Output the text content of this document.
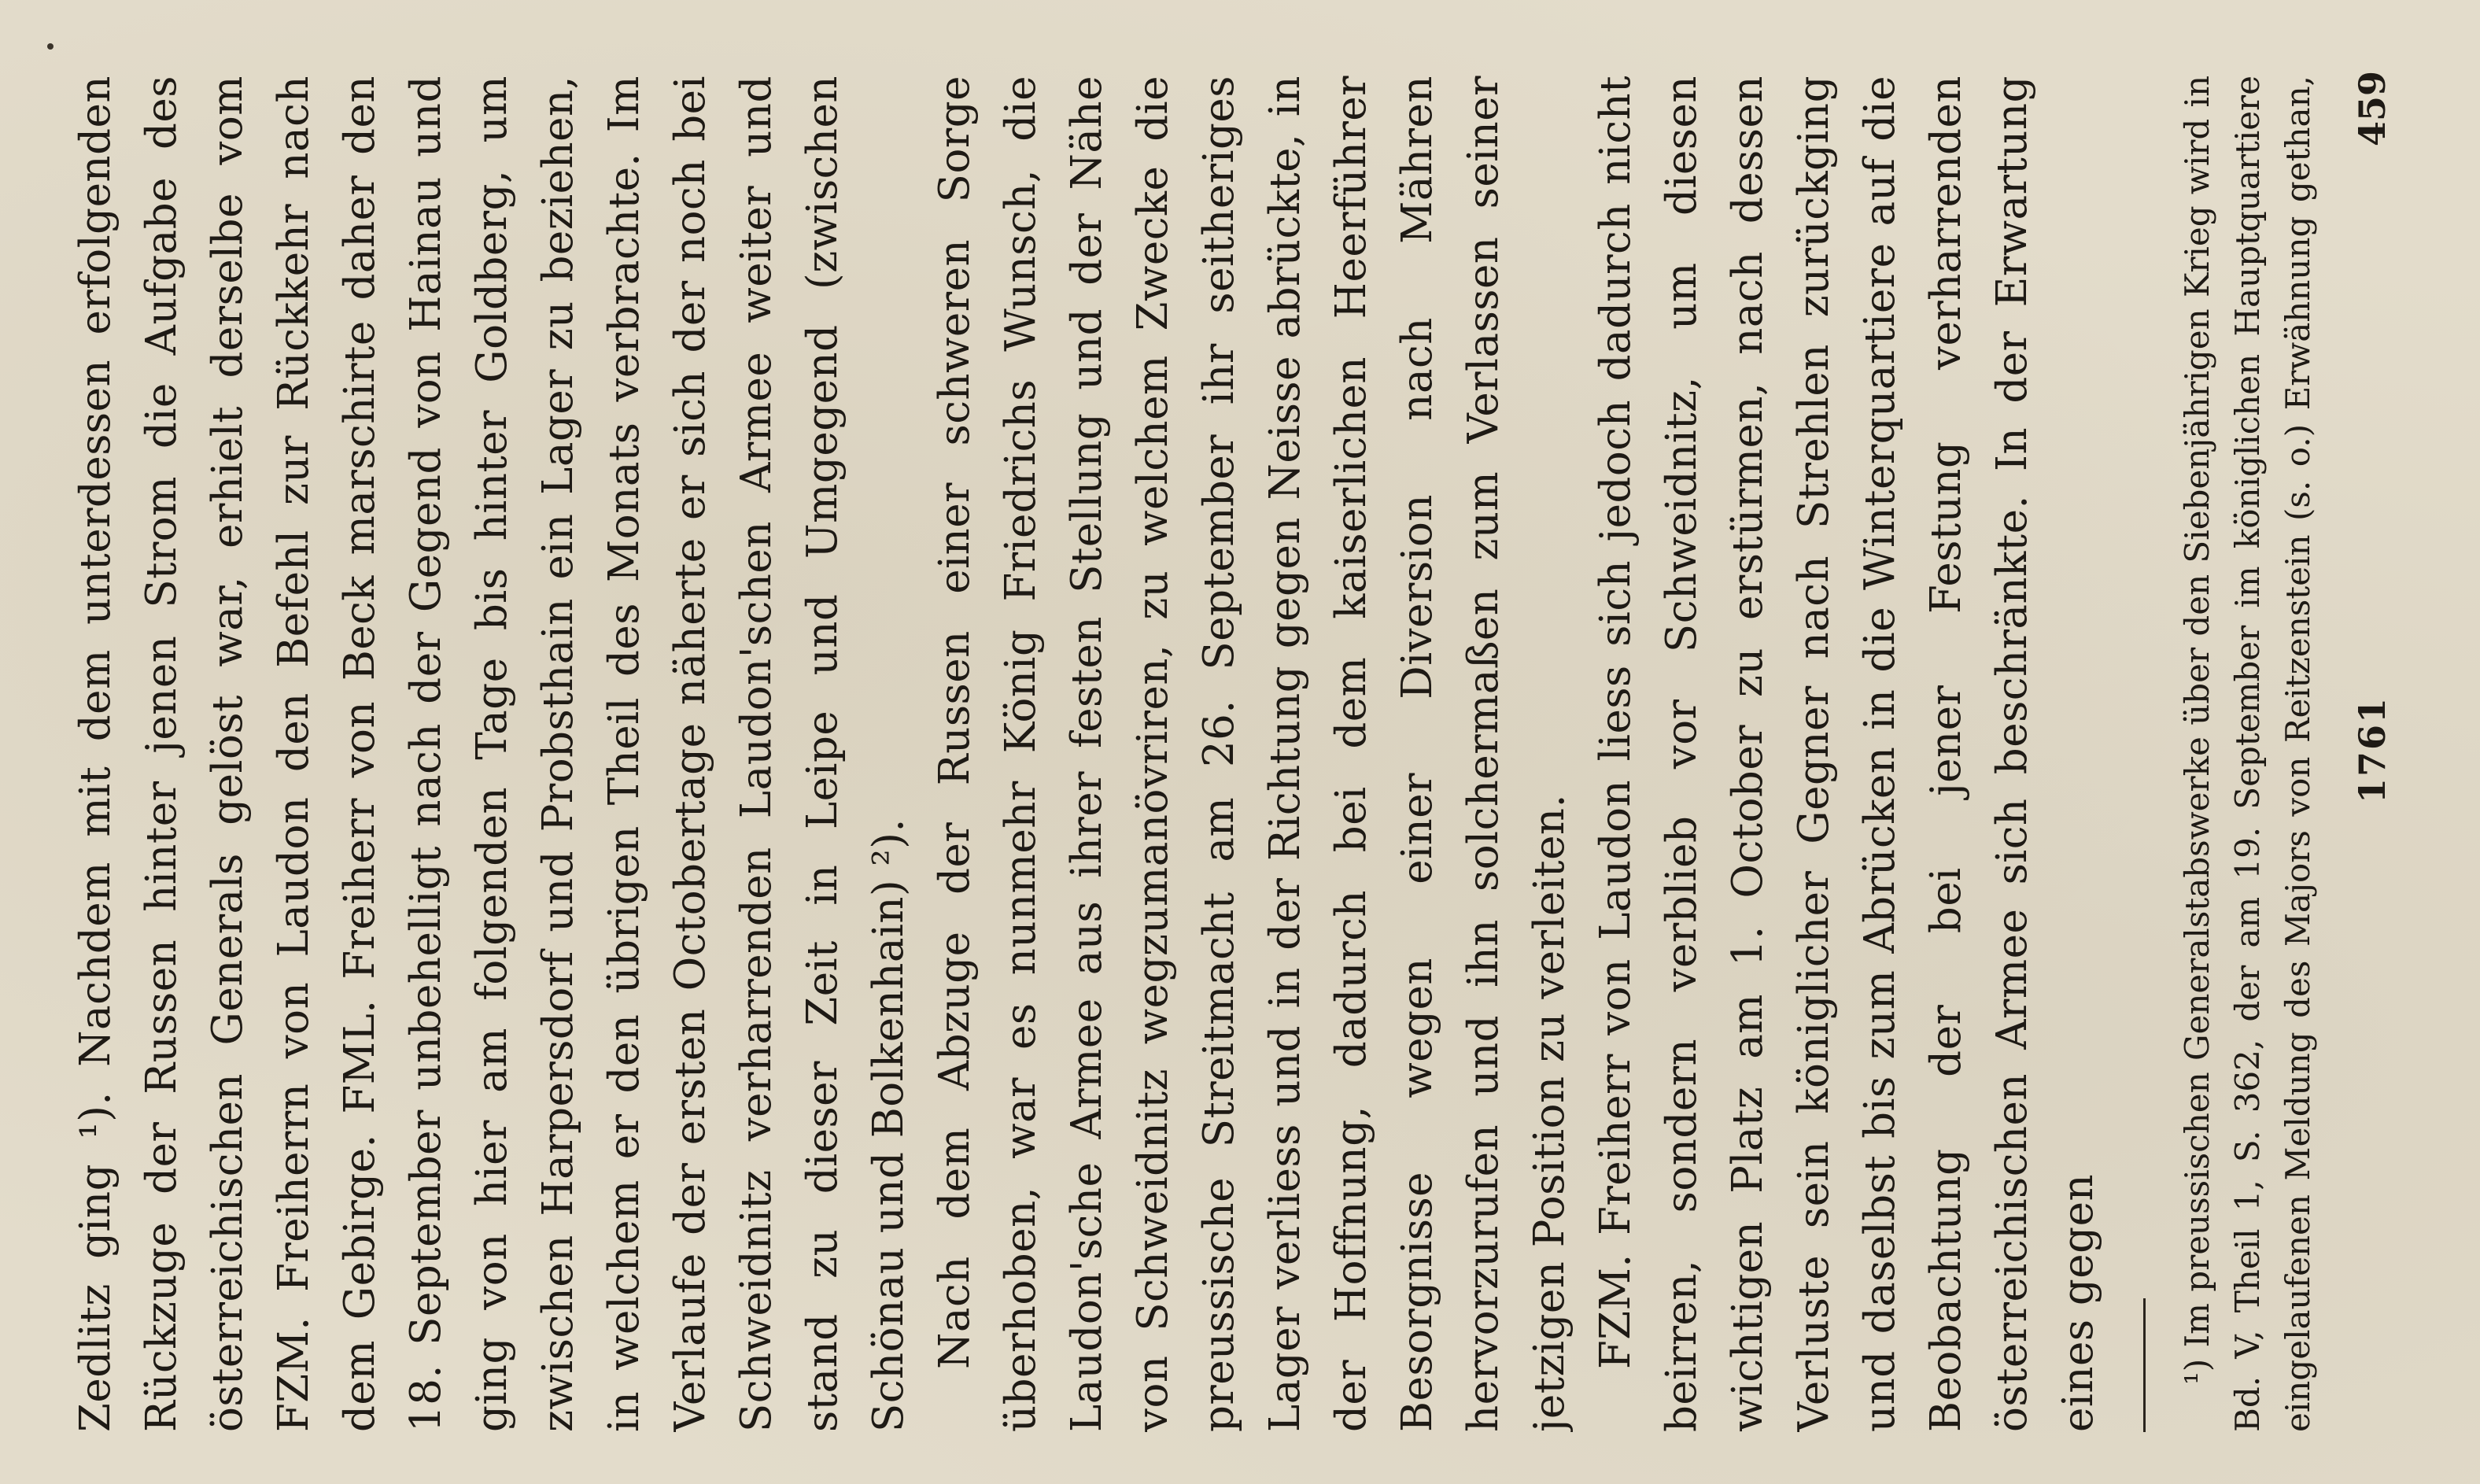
1761
459

Zedlitz ging ¹). Nachdem mit dem unterdessen erfolgenden Rückzuge der Russen hinter jenen Strom die Aufgabe des österreichischen Generals gelöst war, erhielt derselbe vom FZM. Freiherrn von Laudon den Befehl zur Rückkehr nach dem Gebirge. FML. Freiherr von Beck marschirte daher den 18. September unbehelligt nach der Gegend von Hainau und ging von hier am folgenden Tage bis hinter Goldberg, um zwischen Harpersdorf und Probsthain ein Lager zu beziehen, in welchem er den übrigen Theil des Monats verbrachte. Im Verlaufe der ersten Octobertage näherte er sich der noch bei Schweidnitz verharrenden Laudon'schen Armee weiter und stand zu dieser Zeit in Leipe und Umgegend (zwischen Schönau und Bolkenhain) ²). Nach dem Abzuge der Russen einer schweren Sorge überhoben, war es nunmehr König Friedrichs Wunsch, die Laudon'sche Armee aus ihrer festen Stellung und der Nähe von Schweidnitz wegzumanövriren, zu welchem Zwecke die preussische Streitmacht am 26. September ihr seitheriges Lager verliess und in der Richtung gegen Neisse abrückte, in der Hoffnung, dadurch bei dem kaiserlichen Heerführer Besorgnisse wegen einer Diversion nach Mähren hervorzurufen und ihn solchermaßen zum Verlassen seiner jetzigen Position zu verleiten. FZM. Freiherr von Laudon liess sich jedoch dadurch nicht beirren, sondern verblieb vor Schweidnitz, um diesen wichtigen Platz am 1. October zu erstürmen, nach dessen Verluste sein königlicher Gegner nach Strehlen zurückging und daselbst bis zum Abrücken in die Winterquartiere auf die Beobachtung der bei jener Festung verharrenden österreichischen Armee sich beschränkte. In der Erwartung eines gegen ¹) Im preussischen Generalstabswerke über den Siebenjährigen Krieg wird in Bd. V, Theil 1, S. 362, der am 19. September im königlichen Hauptquartiere eingelaufenen Meldung des Majors von Reitzenstein (s. o.) Erwähnung gethan,
